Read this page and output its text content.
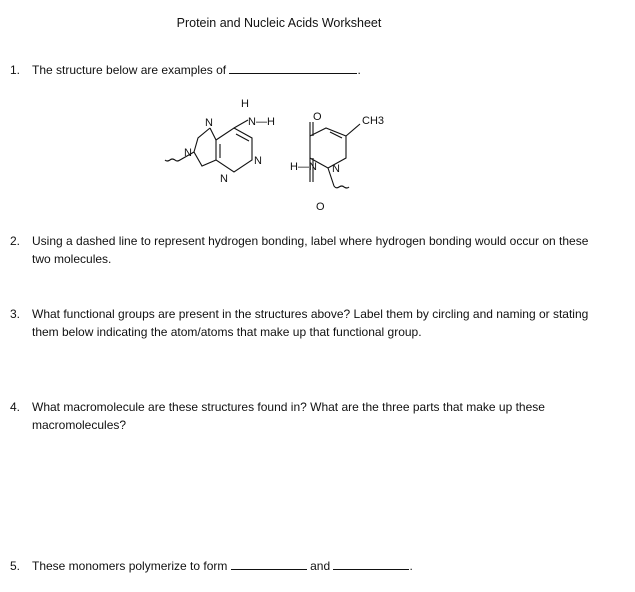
Protein and Nucleic Acids Worksheet
1. The structure below are examples of	.
H
N—H
N
N
N
N	H—N
O	CH3
N
O
2. Using a dashed line to represent hydrogen bonding, label where hydrogen bonding would occur on these two molecules.
3. What functional groups are present in the structures above? Label them by circling and naming or stating them below indicating the atom/atoms that make up that functional group.
4. What macromolecule are these structures found in? What are the three parts that make up these macromolecules?
5. These monomers polymerize to form	and	.
